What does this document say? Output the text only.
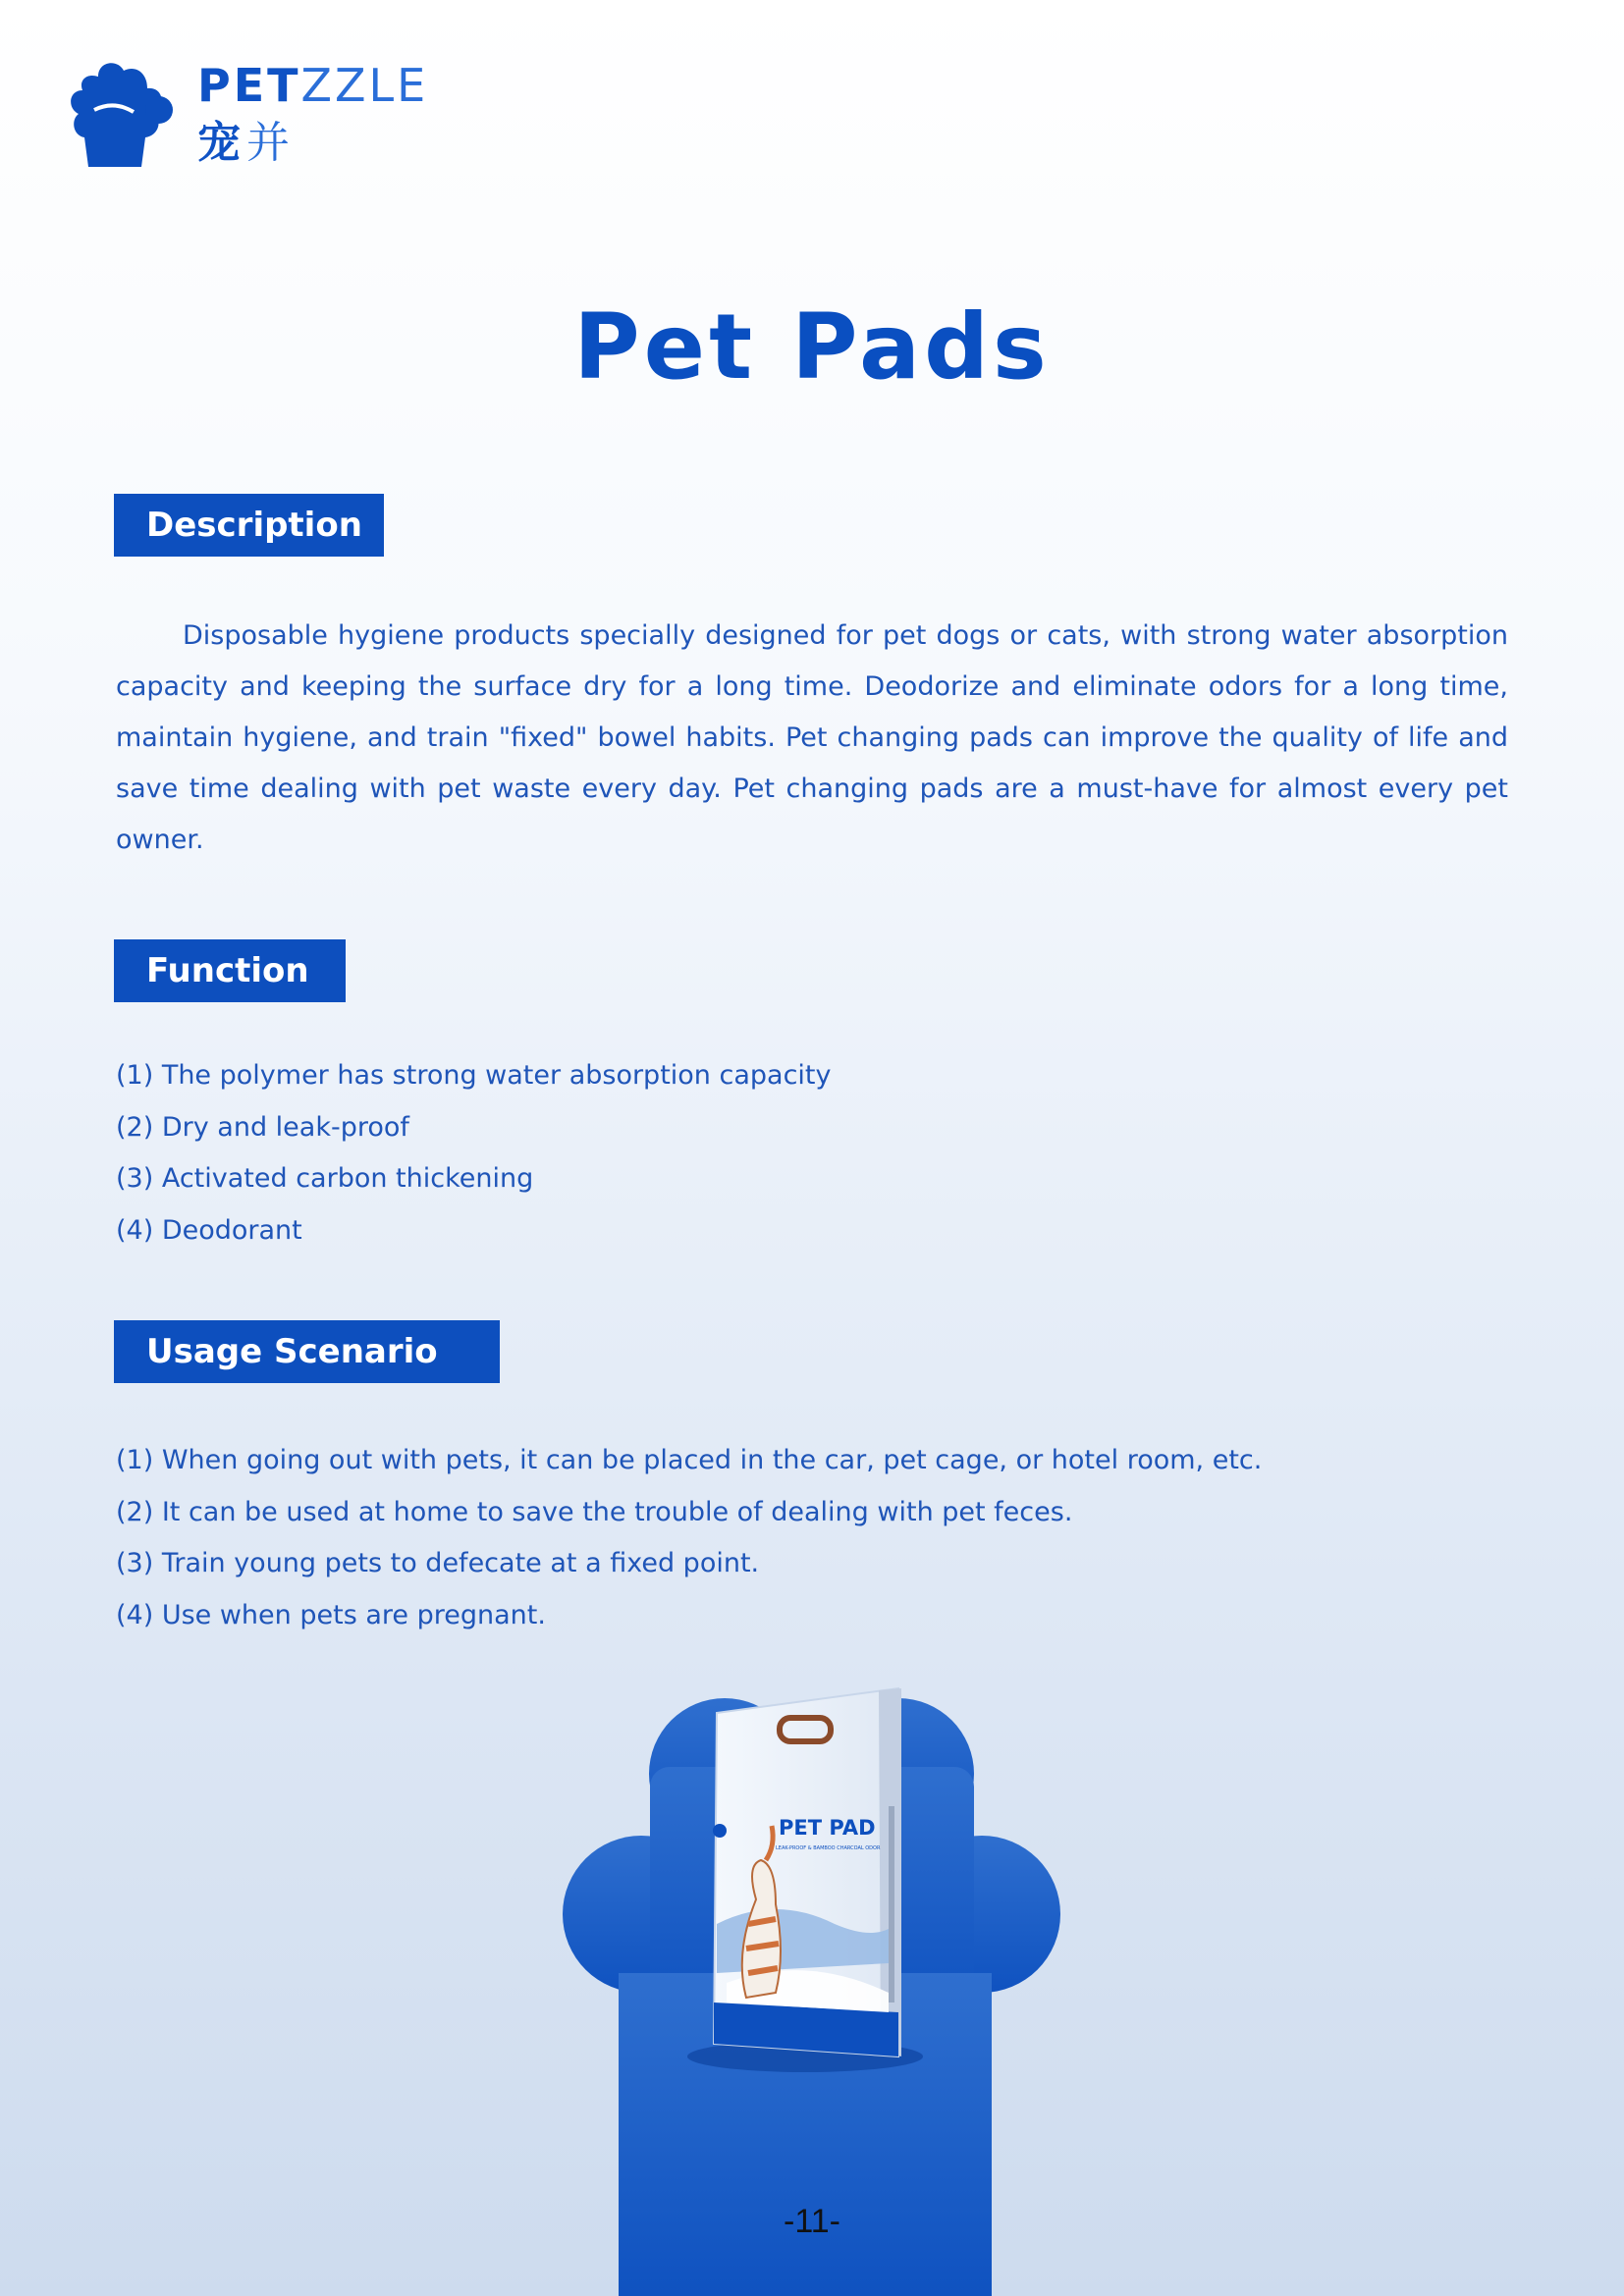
PETZZLE
宠并
Pet Pads
Description

Disposable hygiene products specially designed for pet dogs or cats, with strong water absorption capacity and keeping the surface dry for a long time. Deodorize and eliminate odors for a long time, maintain hygiene, and train "fixed" bowel habits. Pet changing pads can improve the quality of life and save time dealing with pet waste every day. Pet changing pads are a must-have for almost every pet owner.

Function
(1) The polymer has strong water absorption capacity
(2) Dry and leak-proof
(3) Activated carbon thickening
(4) Deodorant
Usage Scenario
(1) When going out with pets, it can be placed in the car, pet cage, or hotel room, etc.
(2) It can be used at home to save the trouble of dealing with pet feces.
(3) Train young pets to defecate at a fixed point.
(4) Use when pets are pregnant.
PET PAD
LEAK-PROOF & BAMBOO CHARCOAL ODOR
-11-
